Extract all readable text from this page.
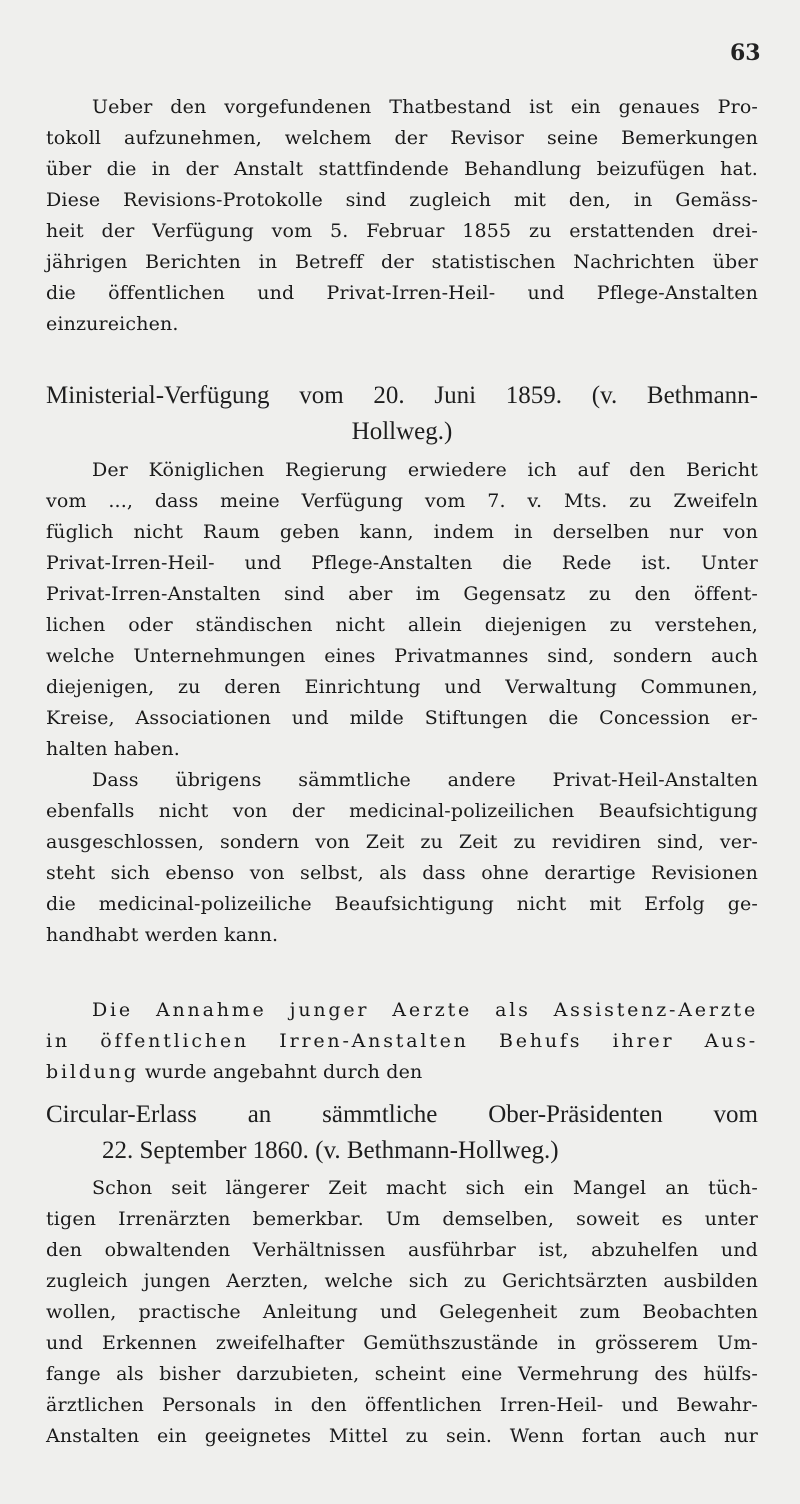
63
Ueber den vorgefundenen Thatbestand ist ein genaues Pro-
tokoll aufzunehmen, welchem der Revisor seine Bemerkungen
über die in der Anstalt stattfindende Behandlung beizufügen hat.
Diese Revisions-Protokolle sind zugleich mit den, in Gemäss-
heit der Verfügung vom 5. Februar 1855 zu erstattenden drei-
jährigen Berichten in Betreff der statistischen Nachrichten über
die öffentlichen und Privat-Irren-Heil- und Pflege-Anstalten
einzureichen.
Ministerial-Verfügung vom 20. Juni 1859. (v. Bethmann-
Hollweg.)
Der Königlichen Regierung erwiedere ich auf den Bericht
vom ..., dass meine Verfügung vom 7. v. Mts. zu Zweifeln
füglich nicht Raum geben kann, indem in derselben nur von
Privat-Irren-Heil- und Pflege-Anstalten die Rede ist. Unter
Privat-Irren-Anstalten sind aber im Gegensatz zu den öffent-
lichen oder ständischen nicht allein diejenigen zu verstehen,
welche Unternehmungen eines Privatmannes sind, sondern auch
diejenigen, zu deren Einrichtung und Verwaltung Communen,
Kreise, Associationen und milde Stiftungen die Concession er-
halten haben.
Dass übrigens sämmtliche andere Privat-Heil-Anstalten
ebenfalls nicht von der medicinal-polizeilichen Beaufsichtigung
ausgeschlossen, sondern von Zeit zu Zeit zu revidiren sind, ver-
steht sich ebenso von selbst, als dass ohne derartige Revisionen
die medicinal-polizeiliche Beaufsichtigung nicht mit Erfolg ge-
handhabt werden kann.
Die Annahme junger Aerzte als Assistenz-Aerzte
in öffentlichen Irren-Anstalten Behufs ihrer Aus-
bildung wurde angebahnt durch den
Circular-Erlass an sämmtliche Ober-Präsidenten vom
22. September 1860. (v. Bethmann-Hollweg.)
Schon seit längerer Zeit macht sich ein Mangel an tüch-
tigen Irrenärzten bemerkbar. Um demselben, soweit es unter
den obwaltenden Verhältnissen ausführbar ist, abzuhelfen und
zugleich jungen Aerzten, welche sich zu Gerichtsärzten ausbilden
wollen, practische Anleitung und Gelegenheit zum Beobachten
und Erkennen zweifelhafter Gemüthszustände in grösserem Um-
fange als bisher darzubieten, scheint eine Vermehrung des hülfs-
ärztlichen Personals in den öffentlichen Irren-Heil- und Bewahr-
Anstalten ein geeignetes Mittel zu sein. Wenn fortan auch nur
